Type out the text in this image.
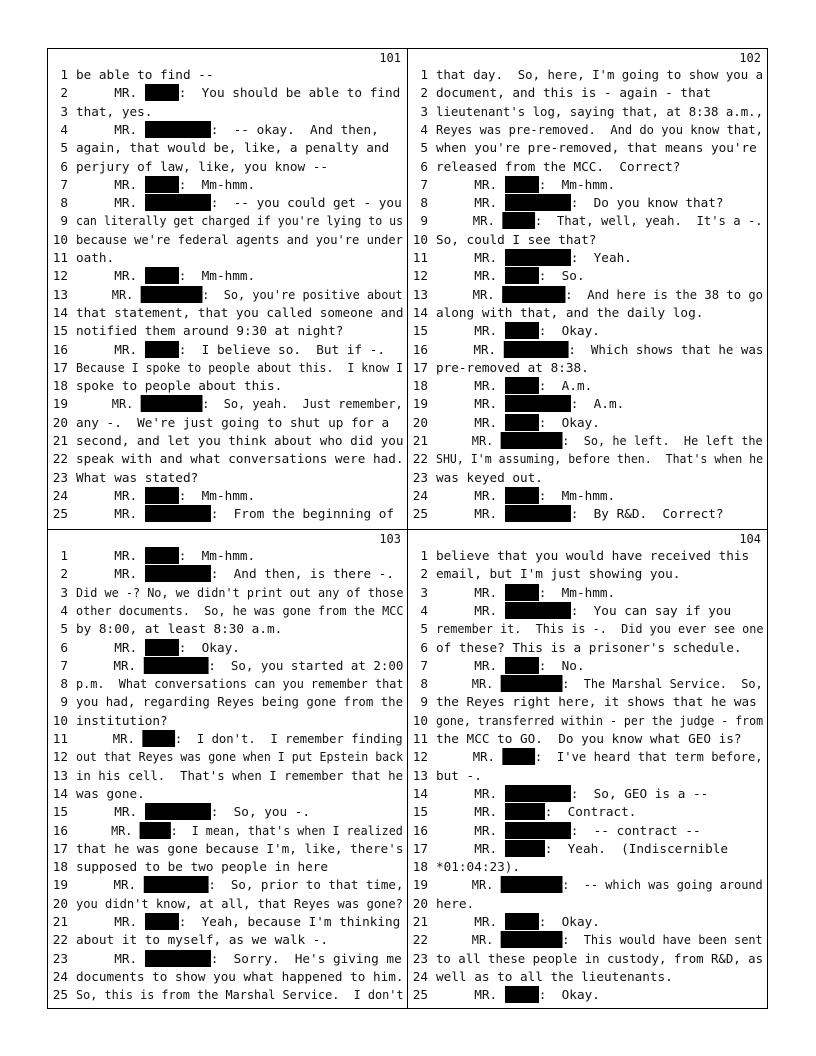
101
1 be able to find --
2 MR.	:  You should be able to find
3 that, yes.
4 MR.	:  -- okay.  And then,
5 again, that would be, like, a penalty and
6 perjury of law, like, you know --
7 MR.	:  Mm-hmm.
8 MR.	:  -- you could get - you
9 can literally get charged if you're lying to us
10 because we're federal agents and you're under
11 oath.
12 MR.	:  Mm-hmm.
13 MR.	:  So, you're positive about
14 that statement, that you called someone and
15 notified them around 9:30 at night?
16 MR.	:  I believe so.  But if -.
17 Because I spoke to people about this.  I know I
18 spoke to people about this.
19 MR.	:  So, yeah.  Just remember,
20 any -.  We're just going to shut up for a
21 second, and let you think about who did you
22 speak with and what conversations were had.
23 What was stated?
24 MR.	:  Mm-hmm.
25 MR.	:  From the beginning of
102
1 that day.  So, here, I'm going to show you a
2 document, and this is - again - that
3 lieutenant's log, saying that, at 8:38 a.m.,
4 Reyes was pre-removed.  And do you know that,
5 when you're pre-removed, that means you're
6 released from the MCC.  Correct?
7 MR.	:  Mm-hmm.
8 MR.	:  Do you know that?
9 MR.	:  That, well, yeah.  It's a -.
10 So, could I see that?
11 MR.	:  Yeah.
12 MR.	:  So.
13 MR.	:  And here is the 38 to go
14 along with that, and the daily log.
15 MR.	:  Okay.
16 MR.	:  Which shows that he was
17 pre-removed at 8:38.
18 MR.	:  A.m.
19 MR.	:  A.m.
20 MR.	:  Okay.
21 MR.	:  So, he left.  He left the
22 SHU, I'm assuming, before then.  That's when he
23 was keyed out.
24 MR.	:  Mm-hmm.
25 MR.	:  By R&D.  Correct?
103
1 MR.	:  Mm-hmm.
2 MR.	:  And then, is there -.
3 Did we -? No, we didn't print out any of those
4 other documents.  So, he was gone from the MCC
5 by 8:00, at least 8:30 a.m.
6 MR.	:  Okay.
7 MR.	:  So, you started at 2:00
8 p.m.  What conversations can you remember that
9 you had, regarding Reyes being gone from the
10 institution?
11 MR.	:  I don't.  I remember finding
12 out that Reyes was gone when I put Epstein back
13 in his cell.  That's when I remember that he
14 was gone.
15 MR.	:  So, you -.
16 MR. :  I mean, that's when I realized
17 that he was gone because I'm, like, there's
18 supposed to be two people in here
19 MR.	:  So, prior to that time,
20 you didn't know, at all, that Reyes was gone?
21 MR.	:  Yeah, because I'm thinking
22 about it to myself, as we walk -.
23 MR.	:  Sorry.  He's giving me
24 documents to show you what happened to him.
25 So, this is from the Marshal Service.  I don't
104
1 believe that you would have received this
2 email, but I'm just showing you.
3 MR.	:  Mm-hmm.
4 MR.	:  You can say if you
5 remember it.  This is -.  Did you ever see one
6 of these? This is a prisoner's schedule.
7 MR.	:  No.
8 MR.	:  The Marshal Service.  So,
9 the Reyes right here, it shows that he was
10 gone, transferred within - per the judge - from
11 the MCC to GO.  Do you know what GEO is?
12 MR.	:  I've heard that term before,
13 but -.
14 MR.	:  So, GEO is a --
15 MR.	:  Contract.
16 MR.	:  -- contract --
17 MR.	:  Yeah.  (Indiscernible
18 *01:04:23).
19 MR.	:  -- which was going around
20 here.
21 MR.	:  Okay.
22 MR.	:  This would have been sent
23 to all these people in custody, from R&D, as
24 well as to all the lieutenants.
25 MR.	:  Okay.
